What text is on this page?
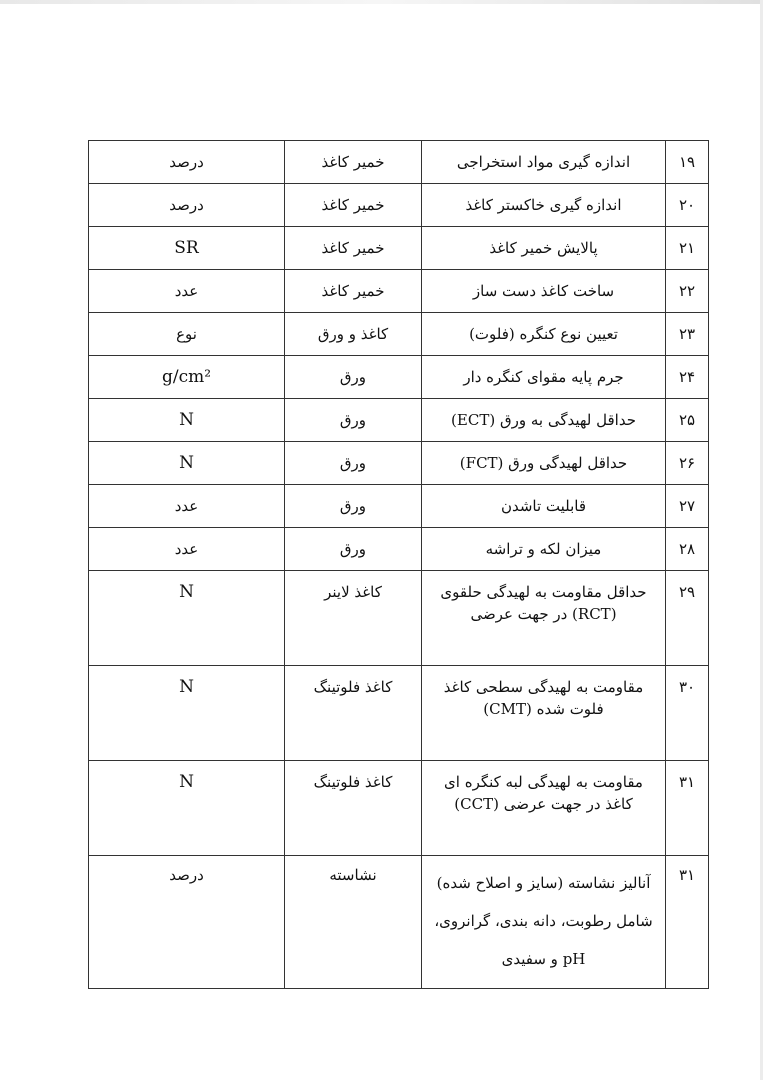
۱۹	اندازه گیری مواد استخراجی	خمیر کاغذ	درصد
۲۰	اندازه گیری خاکستر کاغذ	خمیر کاغذ	درصد
۲۱	پالایش خمیر کاغذ	خمیر کاغذ	SR
۲۲	ساخت کاغذ دست ساز	خمیر کاغذ	عدد
۲۳	تعیین نوع کنگره (فلوت)	کاغذ و ورق	نوع
۲۴	جرم پایه مقوای کنگره دار	ورق	g/cm²
۲۵	حداقل لهیدگی به ورق (ECT)	ورق	N
۲۶	حداقل لهیدگی ورق (FCT)	ورق	N
۲۷	قابلیت تاشدن	ورق	عدد
۲۸	میزان لکه و تراشه	ورق	عدد
۲۹	حداقل مقاومت به لهیدگی حلقوی (RCT) در جهت عرضی	کاغذ لاینر	N
۳۰	مقاومت به لهیدگی سطحی کاغذ فلوت شده (CMT)	کاغذ فلوتینگ	N
۳۱	مقاومت به لهیدگی لبه کنگره ای کاغذ در جهت عرضی (CCT)	کاغذ فلوتینگ	N
۳۱	آنالیز نشاسته (سایز و اصلاح شده) شامل رطوبت، دانه بندی، گرانروی، pH و سفیدی	نشاسته	درصد
